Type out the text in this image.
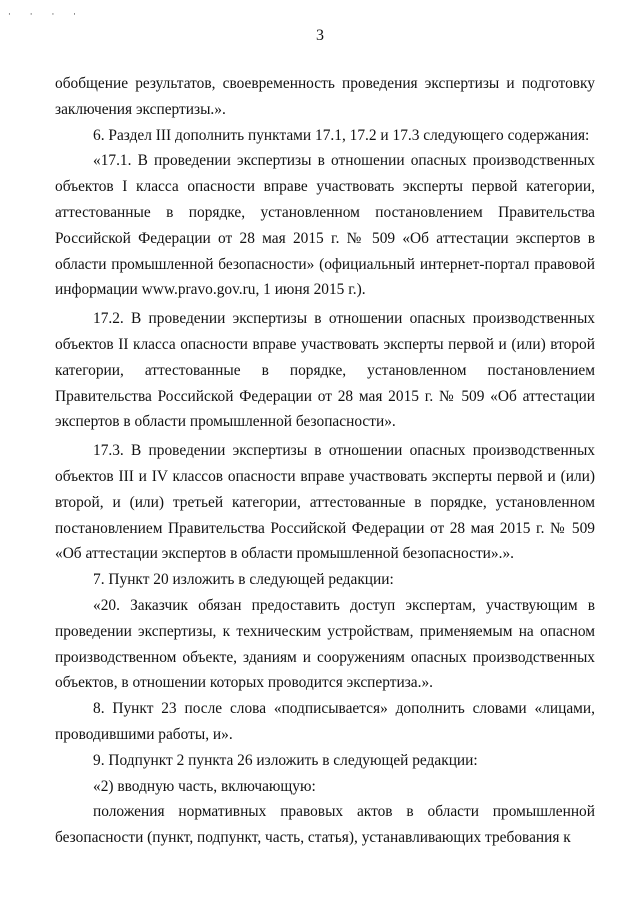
· · · ·
3

обобщение результатов, своевременность проведения экспертизы и подготовку заключения экспертизы.».

6. Раздел III дополнить пунктами 17.1, 17.2 и 17.3 следующего содержания:

«17.1. В проведении экспертизы в отношении опасных производственных объектов I класса опасности вправе участвовать эксперты первой категории, аттестованные в порядке, установленном постановлением Правительства Российской Федерации от 28 мая 2015 г. № 509 «Об аттестации экспертов в области промышленной безопасности» (официальный интернет-портал правовой информации www.pravo.gov.ru, 1 июня 2015 г.).

17.2. В проведении экспертизы в отношении опасных производственных объектов II класса опасности вправе участвовать эксперты первой и (или) второй категории, аттестованные в порядке, установленном постановлением Правительства Российской Федерации от 28 мая 2015 г. № 509 «Об аттестации экспертов в области промышленной безопасности».

17.3. В проведении экспертизы в отношении опасных производственных объектов III и IV классов опасности вправе участвовать эксперты первой и (или) второй, и (или) третьей категории, аттестованные в порядке, установленном постановлением Правительства Российской Федерации от 28 мая 2015 г. № 509 «Об аттестации экспертов в области промышленной безопасности».».

7. Пункт 20 изложить в следующей редакции:

«20. Заказчик обязан предоставить доступ экспертам, участвующим в проведении экспертизы, к техническим устройствам, применяемым на опасном производственном объекте, зданиям и сооружениям опасных производственных объектов, в отношении которых проводится экспертиза.».

8. Пункт 23 после слова «подписывается» дополнить словами «лицами, проводившими работы, и».

9. Подпункт 2 пункта 26 изложить в следующей редакции:

«2) вводную часть, включающую:

положения нормативных правовых актов в области промышленной безопасности (пункт, подпункт, часть, статья), устанавливающих требования к
